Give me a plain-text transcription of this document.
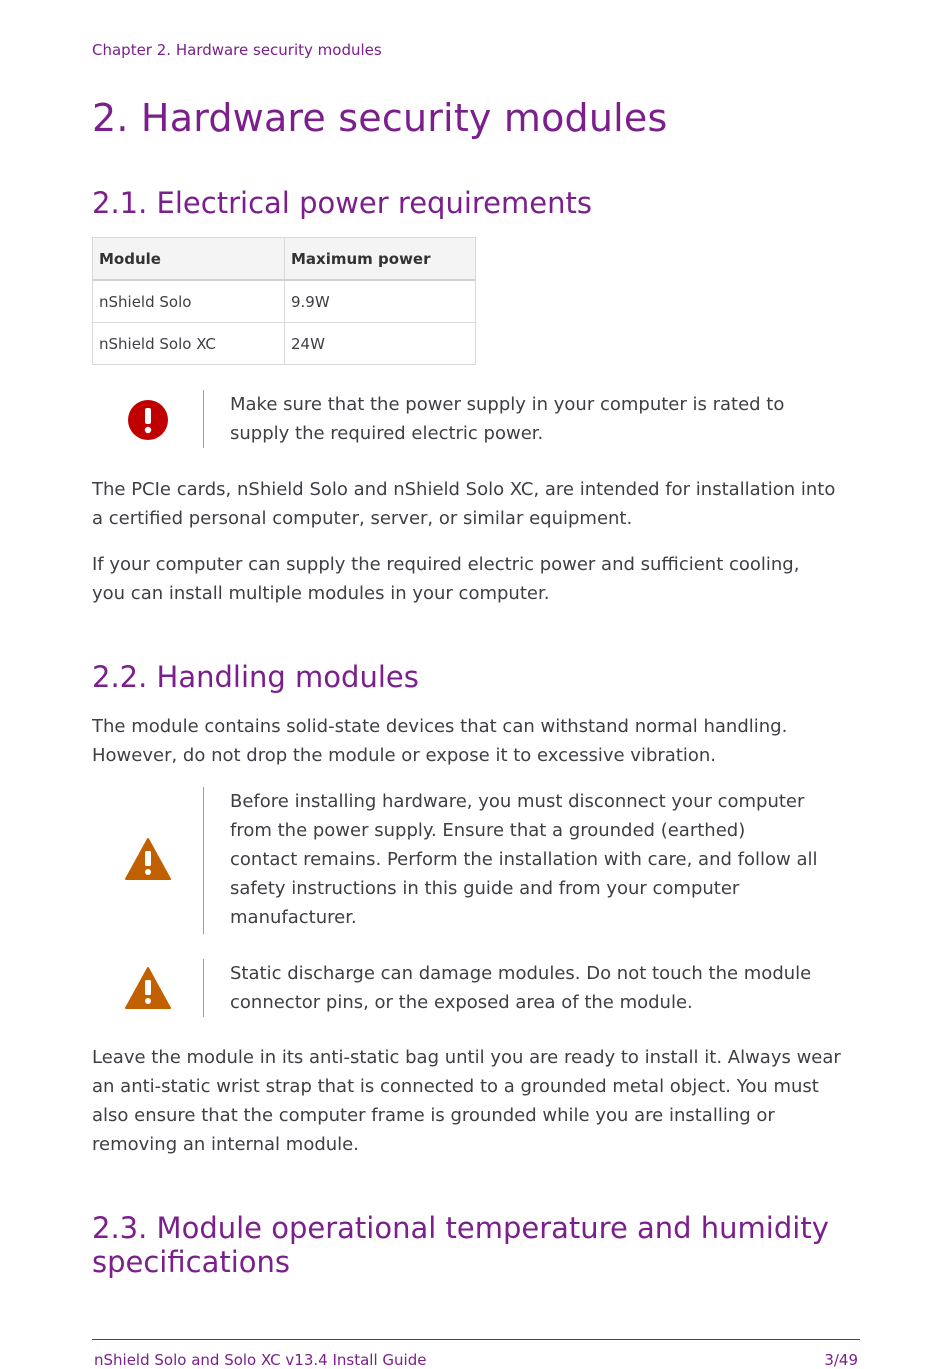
Chapter 2. Hardware security modules
2. Hardware security modules
2.1. Electrical power requirements
Module	Maximum power
nShield Solo	9.9W
nShield Solo XC	24W
Make sure that the power supply in your computer is rated to
supply the required electric power.

The PCIe cards, nShield Solo and nShield Solo XC, are intended for installation into
a certified personal computer, server, or similar equipment.

If your computer can supply the required electric power and sufficient cooling,
you can install multiple modules in your computer.

2.2. Handling modules

The module contains solid-state devices that can withstand normal handling.
However, do not drop the module or expose it to excessive vibration.

Before installing hardware, you must disconnect your computer
from the power supply. Ensure that a grounded (earthed)
contact remains. Perform the installation with care, and follow all
safety instructions in this guide and from your computer
manufacturer.
Static discharge can damage modules. Do not touch the module
connector pins, or the exposed area of the module.

Leave the module in its anti-static bag until you are ready to install it. Always wear
an anti-static wrist strap that is connected to a grounded metal object. You must
also ensure that the computer frame is grounded while you are installing or
removing an internal module.

2.3. Module operational temperature and humidity
specifications
nShield Solo and Solo XC v13.4 Install Guide	3/49
